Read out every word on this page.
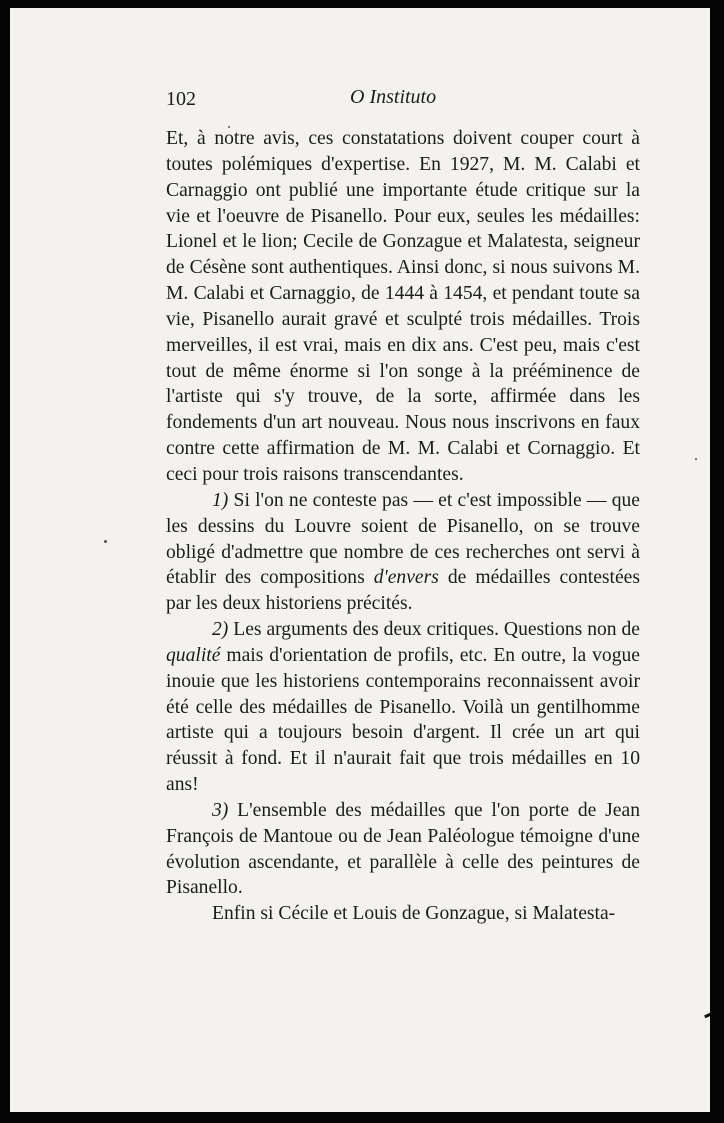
102	O Instituto

Et, à notre avis, ces constatations doivent couper court à toutes polémiques d'expertise. En 1927, M. M. Calabi et Carnaggio ont publié une importante étude critique sur la vie et l'oeuvre de Pisanello. Pour eux, seules les médailles: Lionel et le lion; Cecile de Gonzague et Malatesta, seigneur de Césène sont authentiques. Ainsi donc, si nous suivons M. M. Calabi et Carnaggio, de 1444 à 1454, et pendant toute sa vie, Pisanello aurait gravé et sculpté trois médailles. Trois merveilles, il est vrai, mais en dix ans. C'est peu, mais c'est tout de même énorme si l'on songe à la prééminence de l'artiste qui s'y trouve, de la sorte, affirmée dans les fondements d'un art nouveau. Nous nous inscrivons en faux contre cette affirmation de M. M. Calabi et Cornaggio. Et ceci pour trois raisons transcendantes.

1) Si l'on ne conteste pas — et c'est impossible — que les dessins du Louvre soient de Pisanello, on se trouve obligé d'admettre que nombre de ces recherches ont servi à établir des compositions d'envers de médailles contestées par les deux historiens précités.

2) Les arguments des deux critiques. Questions non de qualité mais d'orientation de profils, etc. En outre, la vogue inouie que les historiens contemporains reconnaissent avoir été celle des médailles de Pisanello. Voilà un gentilhomme artiste qui a toujours besoin d'argent. Il crée un art qui réussit à fond. Et il n'aurait fait que trois médailles en 10 ans!

3) L'ensemble des médailles que l'on porte de Jean François de Mantoue ou de Jean Paléologue témoigne d'une évolution ascendante, et parallèle à celle des peintures de Pisanello.

Enfin si Cécile et Louis de Gonzague, si Malatesta-
